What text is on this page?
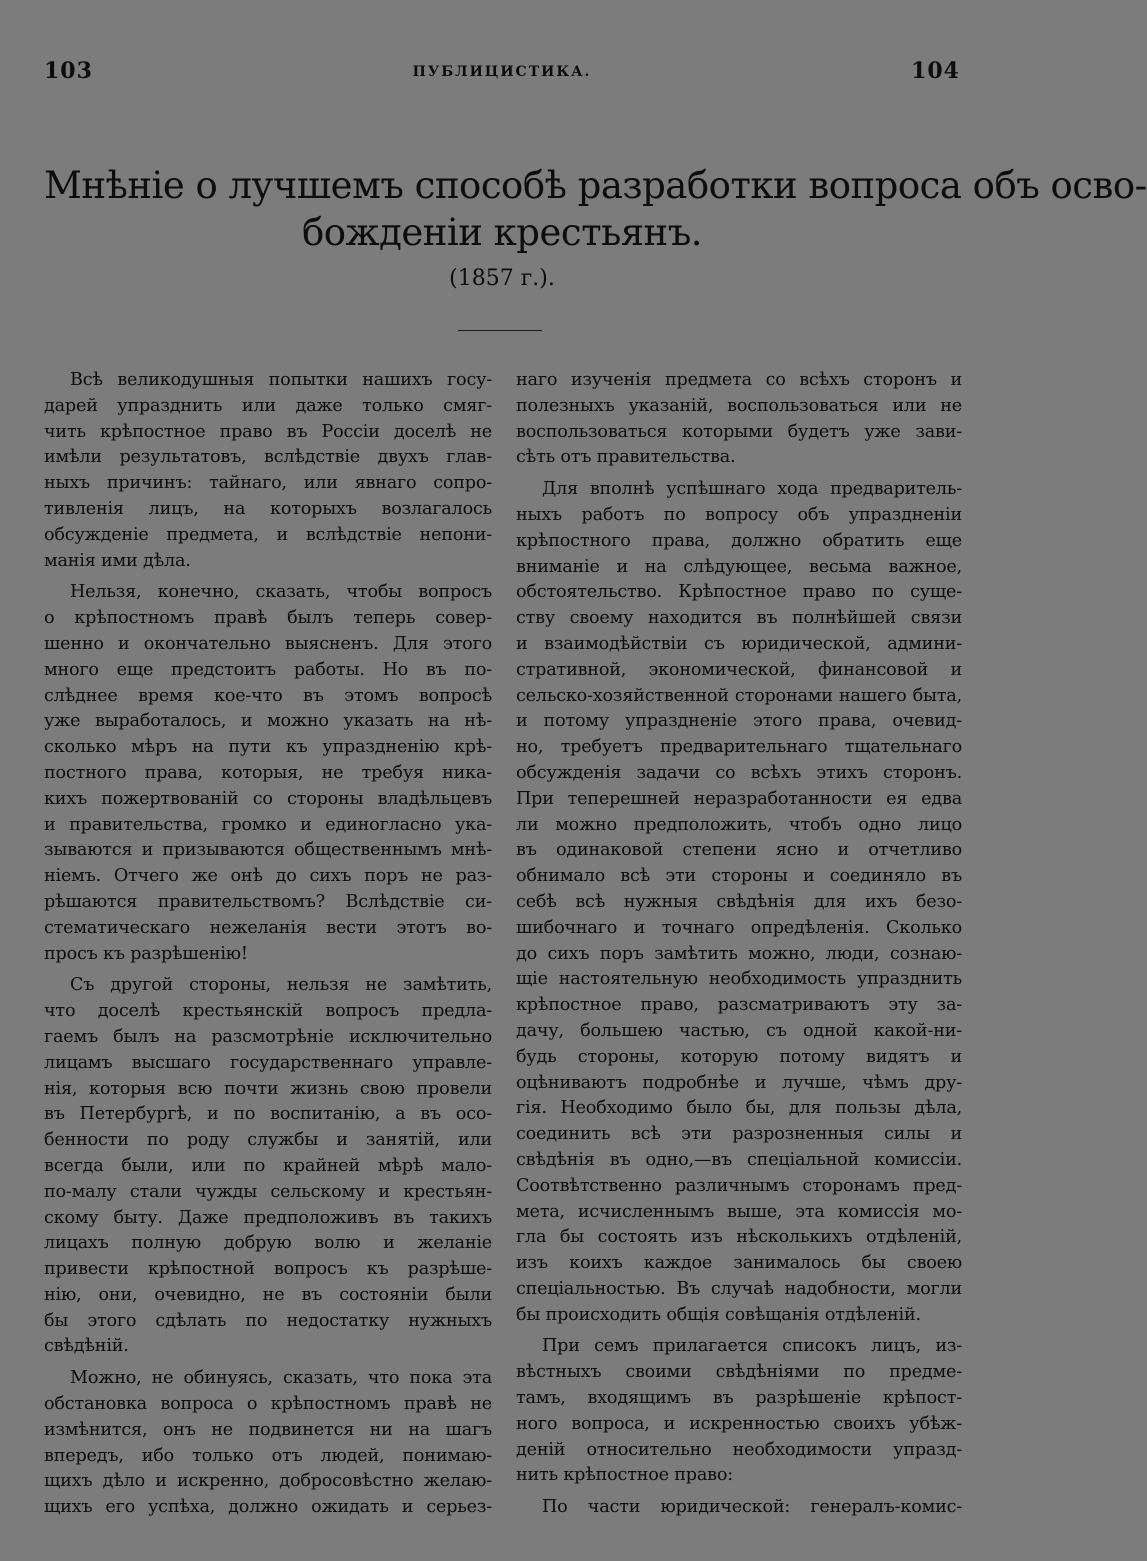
103	ПУБЛИЦИСТИКА.	104
Мнѣніе о лучшемъ способѣ разработки вопроса объ осво-
божденіи крестьянъ.
(1857 г.).
Всѣ великодушныя попытки нашихъ госу-
дарей упразднить или даже только смяг-
чить крѣпостное право въ Россіи доселѣ не
имѣли результатовъ, вслѣдствіе двухъ глав-
ныхъ причинъ: тайнаго, или явнаго сопро-
тивленія лицъ, на которыхъ возлагалось
обсужденіе предмета, и вслѣдствіе непони-
манія ими дѣла.
Нельзя, конечно, сказать, чтобы вопросъ
о крѣпостномъ правѣ былъ теперь совер-
шенно и окончательно выясненъ. Для этого
много еще предстоитъ работы. Но въ по-
слѣднее время кое-что въ этомъ вопросѣ
уже выработалось, и можно указать на нѣ-
сколько мѣръ на пути къ упраздненію крѣ-
постного права, которыя, не требуя ника-
кихъ пожертвованій со стороны владѣльцевъ
и правительства, громко и единогласно ука-
зываются и призываются общественнымъ мнѣ-
ніемъ. Отчего же онѣ до сихъ поръ не раз-
рѣшаются правительствомъ? Вслѣдствіе си-
стематическаго нежеланія вести этотъ во-
просъ къ разрѣшенію!
Съ другой стороны, нельзя не замѣтить,
что доселѣ крестьянскій вопросъ предла-
гаемъ былъ на разсмотрѣніе исключительно
лицамъ высшаго государственнаго управле-
нія, которыя всю почти жизнь свою провели
въ Петербургѣ, и по воспитанію, а въ осо-
бенности по роду службы и занятій, или
всегда были, или по крайней мѣрѣ мало-
по-малу стали чужды сельскому и крестьян-
скому быту. Даже предположивъ въ такихъ
лицахъ полную добрую волю и желаніе
привести крѣпостной вопросъ къ разрѣше-
нію, они, очевидно, не въ состояніи были
бы этого сдѣлать по недостатку нужныхъ
свѣдѣній.
Можно, не обинуясь, сказать, что пока эта
обстановка вопроса о крѣпостномъ правѣ не
измѣнится, онъ не подвинется ни на шагъ
впередъ, ибо только отъ людей, понимаю-
щихъ дѣло и искренно, добросовѣстно желаю-
щихъ его успѣха, должно ожидать и серьез-
наго изученія предмета со всѣхъ сторонъ и
полезныхъ указаній, воспользоваться или не
воспользоваться которыми будетъ уже зави-
сѣть отъ правительства.
Для вполнѣ успѣшнаго хода предваритель-
ныхъ работъ по вопросу объ упраздненіи
крѣпостного права, должно обратить еще
вниманіе и на слѣдующее, весьма важное,
обстоятельство. Крѣпостное право по суще-
ству своему находится въ полнѣйшей связи
и взаимодѣйствіи съ юридической, админи-
стративной, экономической, финансовой и
сельско-хозяйственной сторонами нашего быта,
и потому упраздненіе этого права, очевид-
но, требуетъ предварительнаго тщательнаго
обсужденія задачи со всѣхъ этихъ сторонъ.
При теперешней неразработанности ея едва
ли можно предположить, чтобъ одно лицо
въ одинаковой степени ясно и отчетливо
обнимало всѣ эти стороны и соединяло въ
себѣ всѣ нужныя свѣдѣнія для ихъ безо-
шибочнаго и точнаго опредѣленія. Сколько
до сихъ поръ замѣтить можно, люди, сознаю-
щіе настоятельную необходимость упразднить
крѣпостное право, разсматриваютъ эту за-
дачу, большею частью, съ одной какой-ни-
будь стороны, которую потому видятъ и
оцѣниваютъ подробнѣе и лучше, чѣмъ дру-
гія. Необходимо было бы, для пользы дѣла,
соединить всѣ эти разрозненныя силы и
свѣдѣнія въ одно,—въ спеціальной комиссіи.
Соотвѣтственно различнымъ сторонамъ пред-
мета, исчисленнымъ выше, эта комиссія мо-
гла бы состоять изъ нѣсколькихъ отдѣленій,
изъ коихъ каждое занималось бы своею
спеціальностью. Въ случаѣ надобности, могли
бы происходить общія совѣщанія отдѣленій.
При семъ прилагается списокъ лицъ, из-
вѣстныхъ своими свѣдѣніями по предме-
тамъ, входящимъ въ разрѣшеніе крѣпост-
ного вопроса, и искренностью своихъ убѣж-
деній относительно необходимости упразд-
нить крѣпостное право:
По части юридической: генералъ-комис-
